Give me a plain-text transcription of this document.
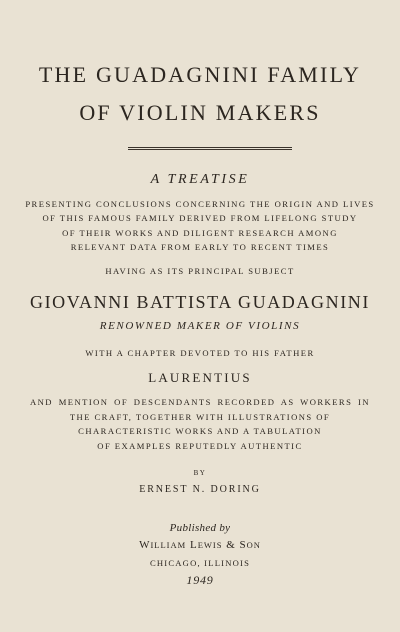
THE GUADAGNINI FAMILY

OF VIOLIN MAKERS

A TREATISE

PRESENTING CONCLUSIONS CONCERNING THE ORIGIN AND LIVES

OF THIS FAMOUS FAMILY DERIVED FROM LIFELONG STUDY

OF THEIR WORKS AND DILIGENT RESEARCH AMONG

RELEVANT DATA FROM EARLY TO RECENT TIMES

HAVING AS ITS PRINCIPAL SUBJECT

GIOVANNI BATTISTA GUADAGNINI

RENOWNED MAKER OF VIOLINS

WITH A CHAPTER DEVOTED TO HIS FATHER

LAURENTIUS

AND MENTION OF DESCENDANTS RECORDED AS WORKERS IN

THE CRAFT, TOGETHER WITH ILLUSTRATIONS OF

CHARACTERISTIC WORKS AND A TABULATION

OF EXAMPLES REPUTEDLY AUTHENTIC

BY

ERNEST N. DORING

Published by

WILLIAM LEWIS & SON

CHICAGO, ILLINOIS

1949
